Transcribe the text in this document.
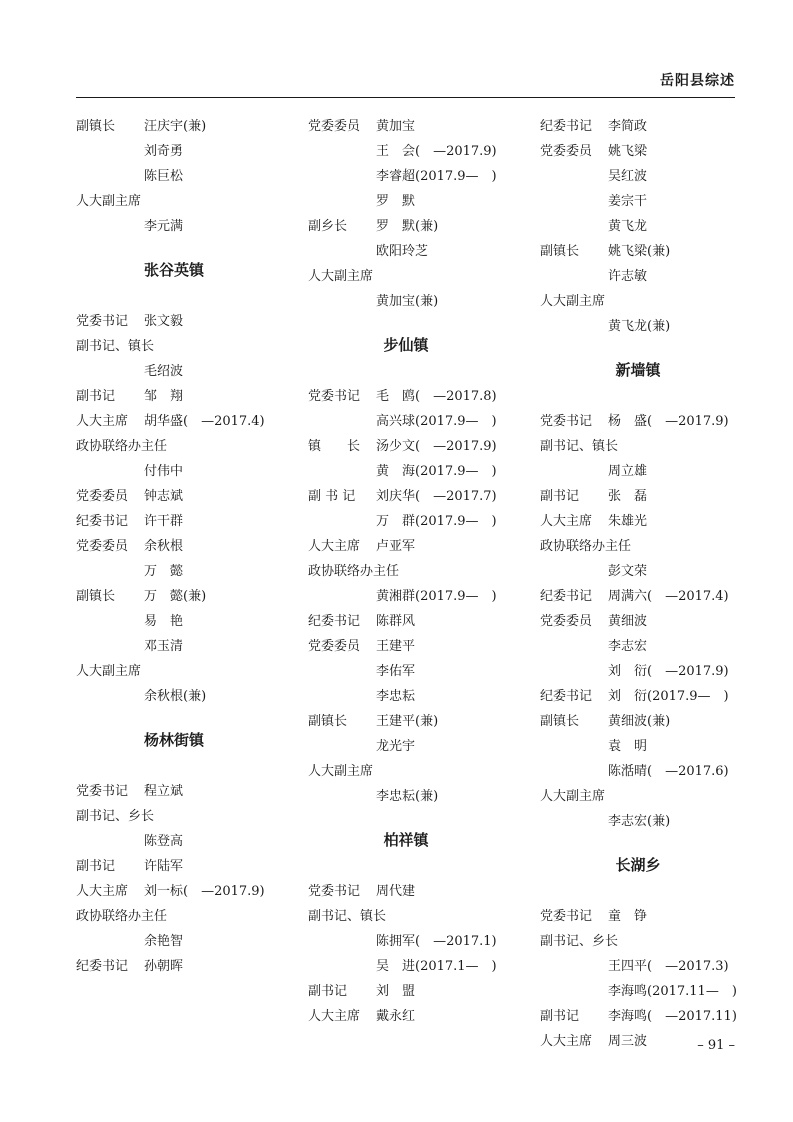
岳阳县综述
副镇长 汪庆宇(兼)
刘奇勇
陈巨松
人大副主席
李元满
张谷英镇
党委书记 张文毅
副书记、镇长
毛绍波
副书记 邹　翔
人大主席 胡华盛(　—2017.4)
政协联络办主任
付伟中
党委委员 钟志斌
纪委书记 许干群
党委委员 余秋根
万　懿
副镇长 万　懿(兼)
易　艳
邓玉清
人大副主席
余秋根(兼)
杨林街镇
党委书记 程立斌
副书记、乡长
陈登高
副书记 许陆军
人大主席 刘一标(　—2017.9)
政协联络办主任
余艳智
纪委书记 孙朝晖
党委委员 黄加宝
王　会(　—2017.9)
李睿超(2017.9—　)
罗　默
副乡长 罗　默(兼)
欧阳玲芝
人大副主席
黄加宝(兼)
步仙镇
党委书记 毛　鸥(　—2017.8)
高兴球(2017.9—　)
镇　　长 汤少文(　—2017.9)
黄　海(2017.9—　)
副 书 记 刘庆华(　—2017.7)
万　群(2017.9—　)
人大主席 卢亚军
政协联络办主任
黄湘群(2017.9—　)
纪委书记 陈群风
党委委员 王建平
李佑军
李忠耘
副镇长 王建平(兼)
龙光宇
人大副主席
李忠耘(兼)
柏祥镇
党委书记 周代建
副书记、镇长
陈拥军(　—2017.1)
吴　进(2017.1—　)
副书记 刘　盟
人大主席 戴永红
纪委书记 李简政
党委委员 姚飞梁
吴红波
姜宗干
黄飞龙
副镇长 姚飞梁(兼)
许志敏
人大副主席
黄飞龙(兼)
新墙镇
党委书记 杨　盛(　—2017.9)
副书记、镇长
周立雄
副书记 张　磊
人大主席 朱雄光
政协联络办主任
彭文荣
纪委书记 周满六(　—2017.4)
党委委员 黄细波
李志宏
刘　衍(　—2017.9)
纪委书记 刘　衍(2017.9—　)
副镇长 黄细波(兼)
袁　明
陈湉晴(　—2017.6)
人大副主席
李志宏(兼)
长湖乡
党委书记 童　铮
副书记、乡长
王四平(　—2017.3)
李海鸣(2017.11—　)
副书记 李海鸣(　—2017.11)
人大主席 周三波	– 91 –
